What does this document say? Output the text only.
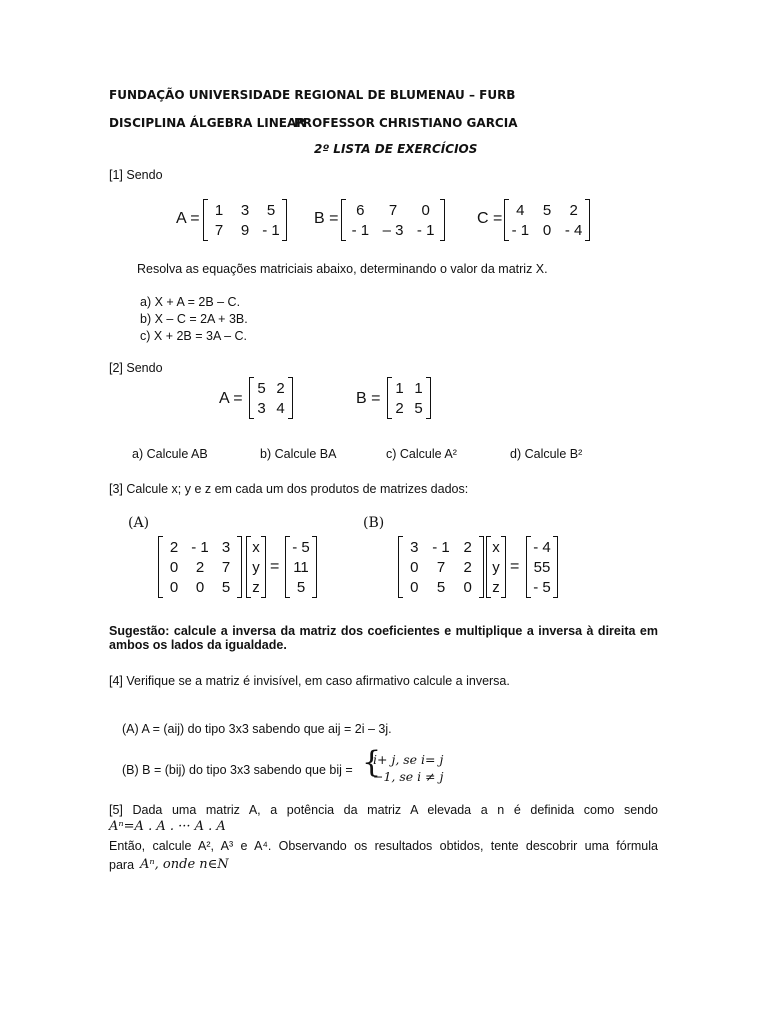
FUNDAÇÃO UNIVERSIDADE REGIONAL DE BLUMENAU – FURB
DISCIPLINA ÁLGEBRA LINEAR
PROFESSOR CHRISTIANO GARCIA
2º LISTA DE EXERCÍCIOS
[1] Sendo
A = 1 3 5
7 9 - 1
B = 6 7 0
- 1 – 3 - 1
C = 4 5 2
- 1 0 - 4
Resolva as equações matriciais abaixo, determinando o valor da matriz X.
a) X + A = 2B – C.
b) X – C = 2A + 3B.
c) X + 2B = 3A – C.
[2] Sendo
A =
5 2
3 4
B =
1 1
2 5
a) Calcule AB	b) Calcule BA	c) Calcule A²	d) Calcule B²
[3] Calcule x; y e z em cada um dos produtos de matrizes dados:
(A)
2 - 1 3
0 2 7
0 0 5
x
y
z
=
- 5
11
5
(B)
3 - 1 2
0 7 2
0 5 0
x
y
z
=
- 4
55
- 5
Sugestão: calcule a inversa da matriz dos coeficientes e multiplique a inversa à direita em ambos os lados da igualdade.
[4] Verifique se a matriz é invisível, em caso afirmativo calcule a inversa.
(A) A = (aij) do tipo 3x3 sabendo que aij = 2i – 3j.
(B) B = (bij) do tipo 3x3 sabendo que bij = {
i+ j, se i= j
−1, se i ≠ j
[5] Dada uma matriz A, a potência da matriz A elevada a n é definida como sendo
Aⁿ=A . A . ··· A . A
Então, calcule A², A³ e A⁴. Observando os resultados obtidos, tente descobrir uma fórmula
para Aⁿ, onde n∈N
